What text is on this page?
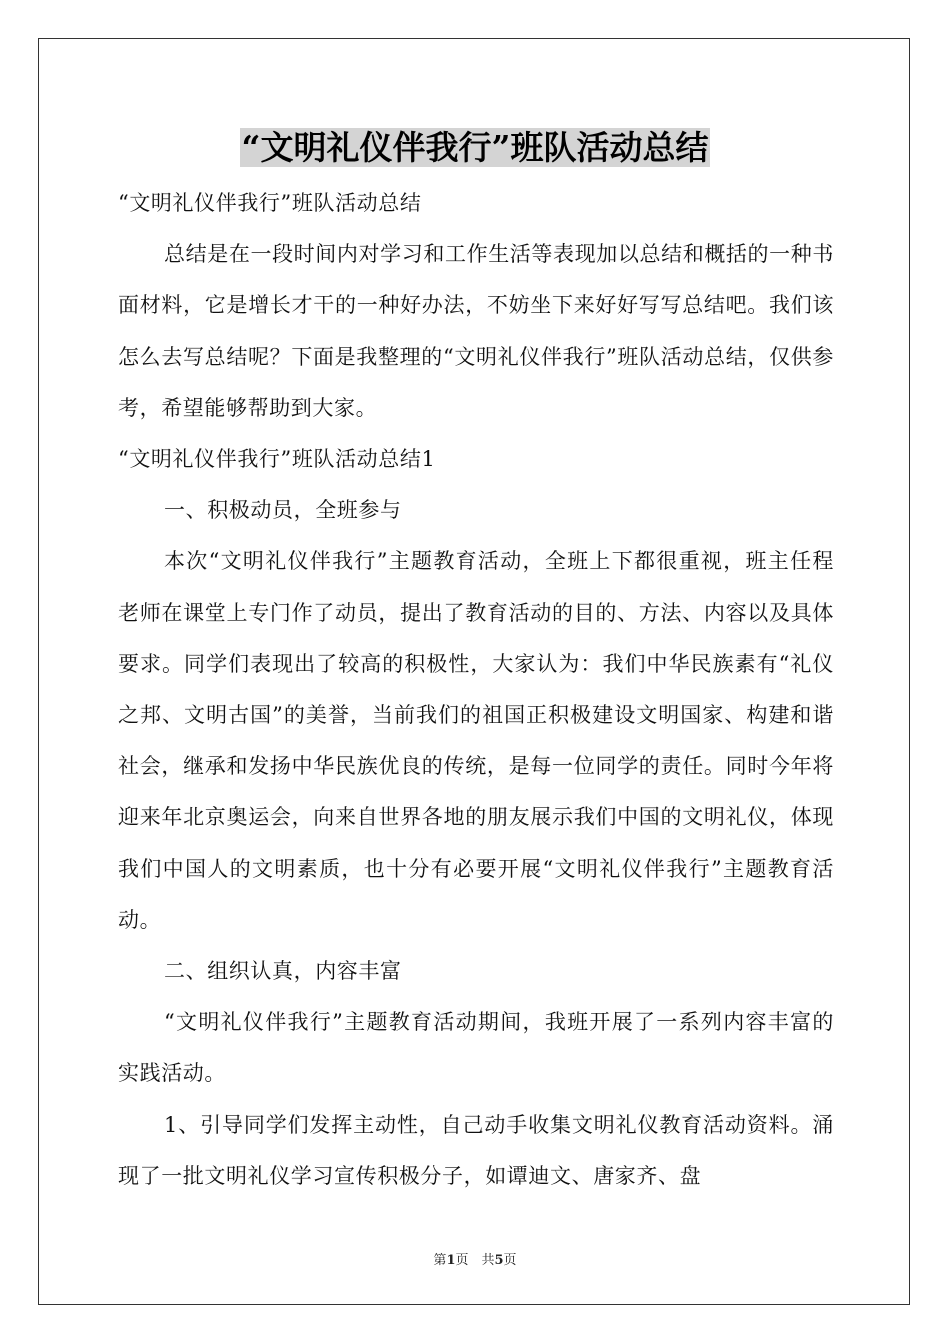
“文明礼仪伴我行”班队活动总结

“文明礼仪伴我行”班队活动总结

总结是在一段时间内对学习和工作生活等表现加以总结和概括的一种书面材料，它是增长才干的一种好办法，不妨坐下来好好写写总结吧。我们该怎么去写总结呢？下面是我整理的“文明礼仪伴我行”班队活动总结，仅供参考，希望能够帮助到大家。

“文明礼仪伴我行”班队活动总结1

一、积极动员，全班参与

本次“文明礼仪伴我行”主题教育活动，全班上下都很重视，班主任程老师在课堂上专门作了动员，提出了教育活动的目的、方法、内容以及具体要求。同学们表现出了较高的积极性，大家认为：我们中华民族素有“礼仪之邦、文明古国”的美誉，当前我们的祖国正积极建设文明国家、构建和谐社会，继承和发扬中华民族优良的传统，是每一位同学的责任。同时今年将迎来年北京奥运会，向来自世界各地的朋友展示我们中国的文明礼仪，体现我们中国人的文明素质，也十分有必要开展“文明礼仪伴我行”主题教育活动。

二、组织认真，内容丰富

“文明礼仪伴我行”主题教育活动期间，我班开展了一系列内容丰富的实践活动。

1、引导同学们发挥主动性，自己动手收集文明礼仪教育活动资料。涌现了一批文明礼仪学习宣传积极分子，如谭迪文、唐家齐、盘

第1页　共5页
